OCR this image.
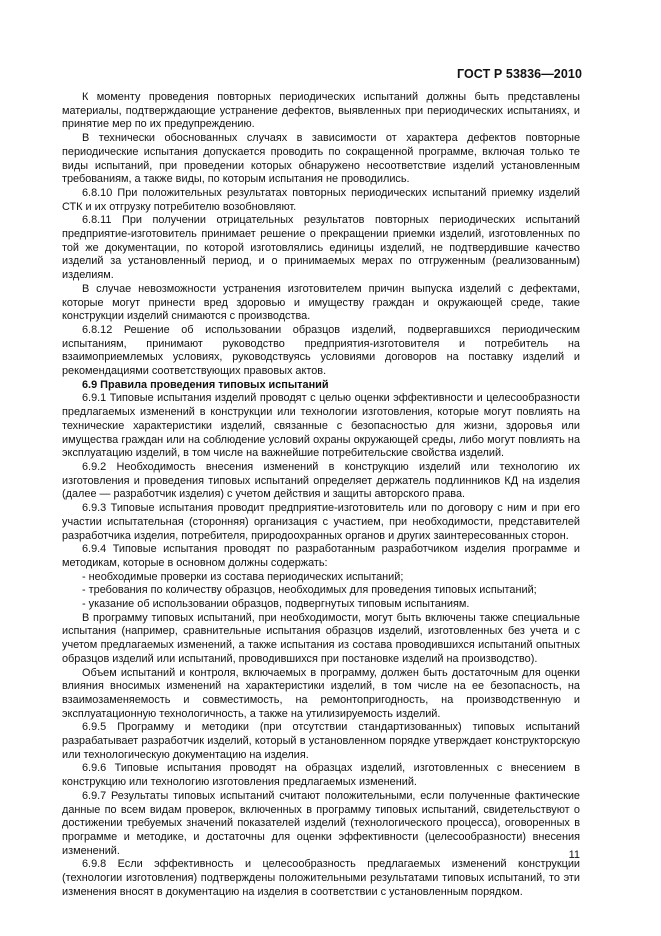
ГОСТ Р 53836—2010

К моменту проведения повторных периодических испытаний должны быть представлены материалы, подтверждающие устранение дефектов, выявленных при периодических испытаниях, и принятие мер по их предупреждению.

В технически обоснованных случаях в зависимости от характера дефектов повторные периодические испытания допускается проводить по сокращенной программе, включая только те виды испытаний, при проведении которых обнаружено несоответствие изделий установленным требованиям, а также виды, по которым испытания не проводились.

6.8.10 При положительных результатах повторных периодических испытаний приемку изделий СТК и их отгрузку потребителю возобновляют.

6.8.11 При получении отрицательных результатов повторных периодических испытаний предприятие-изготовитель принимает решение о прекращении приемки изделий, изготовленных по той же документации, по которой изготовлялись единицы изделий, не подтвердившие качество изделий за установленный период, и о принимаемых мерах по отгруженным (реализованным) изделиям.

В случае невозможности устранения изготовителем причин выпуска изделий с дефектами, которые могут принести вред здоровью и имуществу граждан и окружающей среде, такие конструкции изделий снимаются с производства.

6.8.12 Решение об использовании образцов изделий, подвергавшихся периодическим испытаниям, принимают руководство предприятия-изготовителя и потребитель на взаимоприемлемых условиях, руководствуясь условиями договоров на поставку изделий и рекомендациями соответствующих правовых актов.

6.9 Правила проведения типовых испытаний

6.9.1 Типовые испытания изделий проводят с целью оценки эффективности и целесообразности предлагаемых изменений в конструкции или технологии изготовления, которые могут повлиять на технические характеристики изделий, связанные с безопасностью для жизни, здоровья или имущества граждан или на соблюдение условий охраны окружающей среды, либо могут повлиять на эксплуатацию изделий, в том числе на важнейшие потребительские свойства изделий.

6.9.2 Необходимость внесения изменений в конструкцию изделий или технологию их изготовления и проведения типовых испытаний определяет держатель подлинников КД на изделия (далее — разработчик изделия) с учетом действия и защиты авторского права.

6.9.3 Типовые испытания проводит предприятие-изготовитель или по договору с ним и при его участии испытательная (сторонняя) организация с участием, при необходимости, представителей разработчика изделия, потребителя, природоохранных органов и других заинтересованных сторон.

6.9.4 Типовые испытания проводят по разработанным разработчиком изделия программе и методикам, которые в основном должны содержать:

- необходимые проверки из состава периодических испытаний;

- требования по количеству образцов, необходимых для проведения типовых испытаний;

- указание об использовании образцов, подвергнутых типовым испытаниям.

В программу типовых испытаний, при необходимости, могут быть включены также специальные испытания (например, сравнительные испытания образцов изделий, изготовленных без учета и с учетом предлагаемых изменений, а также испытания из состава проводившихся испытаний опытных образцов изделий или испытаний, проводившихся при постановке изделий на производство).

Объем испытаний и контроля, включаемых в программу, должен быть достаточным для оценки влияния вносимых изменений на характеристики изделий, в том числе на ее безопасность, на взаимозаменяемость и совместимость, на ремонтопригодность, на производственную и эксплуатационную технологичность, а также на утилизируемость изделий.

6.9.5 Программу и методики (при отсутствии стандартизованных) типовых испытаний разрабатывает разработчик изделий, который в установленном порядке утверждает конструкторскую или технологическую документацию на изделия.

6.9.6 Типовые испытания проводят на образцах изделий, изготовленных с внесением в конструкцию или технологию изготовления предлагаемых изменений.

6.9.7 Результаты типовых испытаний считают положительными, если полученные фактические данные по всем видам проверок, включенных в программу типовых испытаний, свидетельствуют о достижении требуемых значений показателей изделий (технологического процесса), оговоренных в программе и методике, и достаточны для оценки эффективности (целесообразности) внесения изменений.

6.9.8 Если эффективность и целесообразность предлагаемых изменений конструкции (технологии изготовления) подтверждены положительными результатами типовых испытаний, то эти изменения вносят в документацию на изделия в соответствии с установленным порядком.

11
